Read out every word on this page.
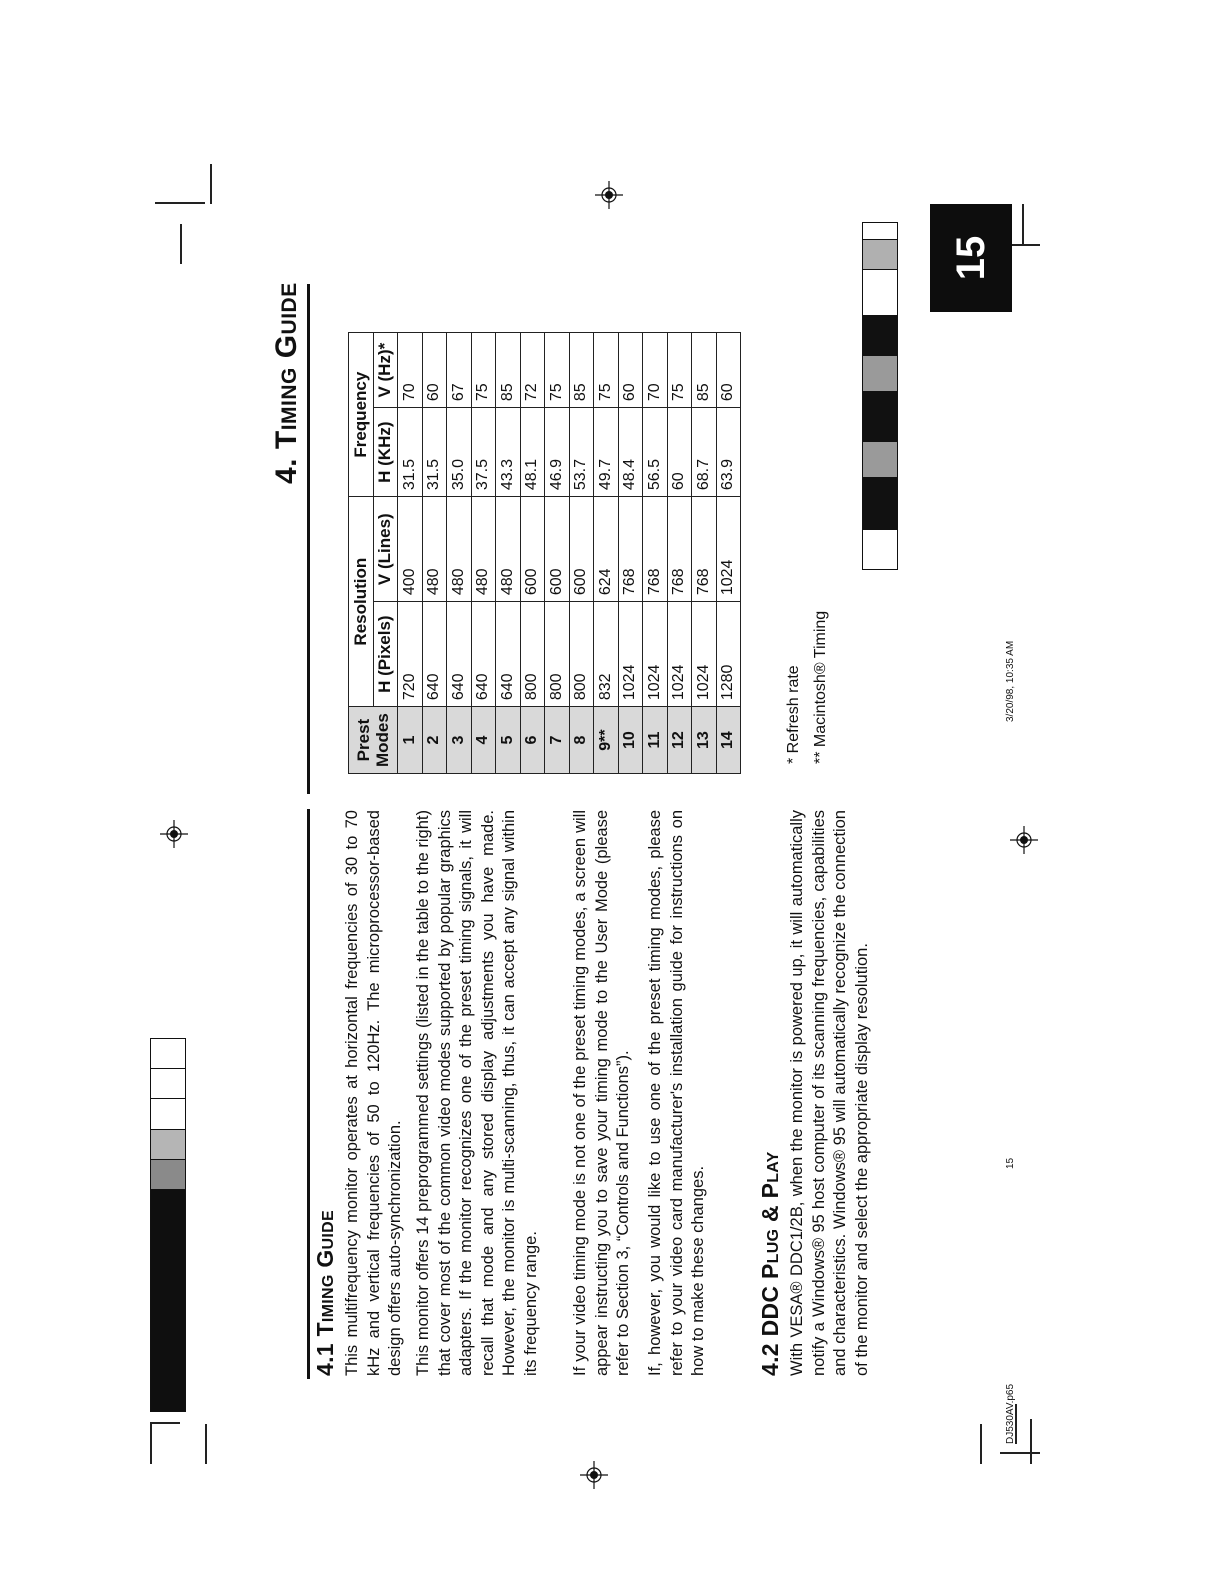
15
4. Timing Guide
4.1 Timing Guide This multifrequency monitor operates at horizontal frequencies of 30 to 70 kHz and vertical frequencies of 50 to 120Hz. The microprocessor-based design offers auto-synchronization. This monitor offers 14 preprogrammed settings (listed in the table to the right) that cover most of the common video modes supported by popular graphics adapters. If the monitor recognizes one of the preset timing signals, it will recall that mode and any stored display adjustments you have made. However, the monitor is multi-scanning, thus, it can accept any signal within its frequency range. If your video timing mode is not one of the preset timing modes, a screen will appear instructing you to save your timing mode to the User Mode (please refer to Section 3, “Controls and Functions”). If, however, you would like to use one of the preset timing modes, please refer to your video card manufacturer's installation guide for instructions on how to make these changes. 4.2 DDC Plug & Play With VESA® DDC1/2B, when the monitor is powered up, it will automatically notify a Windows® 95 host computer of its scanning frequencies, capabilities and characteristics. Windows® 95 will automatically recognize the connection of the monitor and select the appropriate display resolution.
Prest
Modes	Resolution		Frequency	
	H (Pixels)	V (Lines)	H (KHz)	V (Hz)*
1	720	400	31.5	70
2	640	480	31.5	60
3	640	480	35.0	67
4	640	480	37.5	75
5	640	480	43.3	85
6	800	600	48.1	72
7	800	600	46.9	75
8	800	600	53.7	85
9**	832	624	49.7	75
10	1024	768	48.4	60
11	1024	768	56.5	70
12	1024	768	60	75
13	1024	768	68.7	85
14	1280	1024	63.9	60
* Refresh rate ** Macintosh® Timing
DJ530AV.p65
15
3/20/98, 10:35 AM
